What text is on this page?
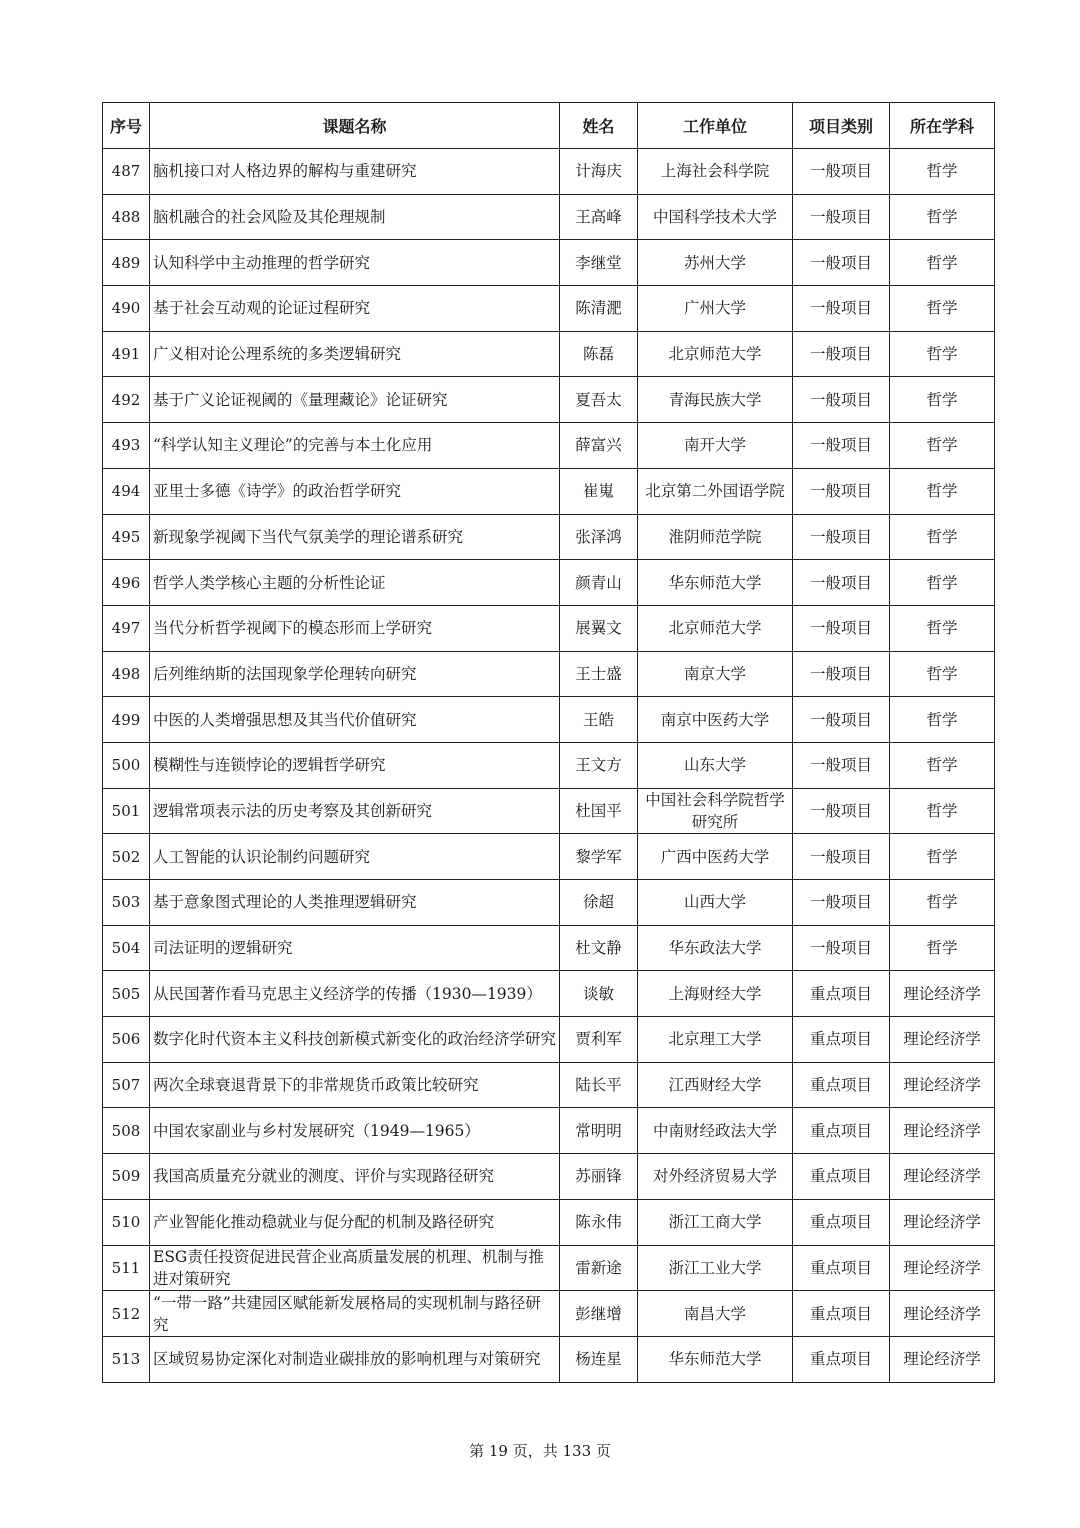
序号	课题名称	姓名	工作单位	项目类别	所在学科
487	脑机接口对人格边界的解构与重建研究	计海庆	上海社会科学院	一般项目	哲学
488	脑机融合的社会风险及其伦理规制	王高峰	中国科学技术大学	一般项目	哲学
489	认知科学中主动推理的哲学研究	李继堂	苏州大学	一般项目	哲学
490	基于社会互动观的论证过程研究	陈清淝	广州大学	一般项目	哲学
491	广义相对论公理系统的多类逻辑研究	陈磊	北京师范大学	一般项目	哲学
492	基于广义论证视阈的《量理藏论》论证研究	夏吾太	青海民族大学	一般项目	哲学
493	“科学认知主义理论”的完善与本土化应用	薛富兴	南开大学	一般项目	哲学
494	亚里士多德《诗学》的政治哲学研究	崔嵬	北京第二外国语学院	一般项目	哲学
495	新现象学视阈下当代气氛美学的理论谱系研究	张泽鸿	淮阴师范学院	一般项目	哲学
496	哲学人类学核心主题的分析性论证	颜青山	华东师范大学	一般项目	哲学
497	当代分析哲学视阈下的模态形而上学研究	展翼文	北京师范大学	一般项目	哲学
498	后列维纳斯的法国现象学伦理转向研究	王士盛	南京大学	一般项目	哲学
499	中医的人类增强思想及其当代价值研究	王皓	南京中医药大学	一般项目	哲学
500	模糊性与连锁悖论的逻辑哲学研究	王文方	山东大学	一般项目	哲学
501	逻辑常项表示法的历史考察及其创新研究	杜国平	中国社会科学院哲学研究所	一般项目	哲学
502	人工智能的认识论制约问题研究	黎学军	广西中医药大学	一般项目	哲学
503	基于意象图式理论的人类推理逻辑研究	徐超	山西大学	一般项目	哲学
504	司法证明的逻辑研究	杜文静	华东政法大学	一般项目	哲学
505	从民国著作看马克思主义经济学的传播（1930—1939）	谈敏	上海财经大学	重点项目	理论经济学
506	数字化时代资本主义科技创新模式新变化的政治经济学研究	贾利军	北京理工大学	重点项目	理论经济学
507	两次全球衰退背景下的非常规货币政策比较研究	陆长平	江西财经大学	重点项目	理论经济学
508	中国农家副业与乡村发展研究（1949—1965）	常明明	中南财经政法大学	重点项目	理论经济学
509	我国高质量充分就业的测度、评价与实现路径研究	苏丽锋	对外经济贸易大学	重点项目	理论经济学
510	产业智能化推动稳就业与促分配的机制及路径研究	陈永伟	浙江工商大学	重点项目	理论经济学
511	ESG责任投资促进民营企业高质量发展的机理、机制与推进对策研究	雷新途	浙江工业大学	重点项目	理论经济学
512	“一带一路”共建园区赋能新发展格局的实现机制与路径研究	彭继增	南昌大学	重点项目	理论经济学
513	区域贸易协定深化对制造业碳排放的影响机理与对策研究	杨连星	华东师范大学	重点项目	理论经济学
第 19 页，共 133 页
